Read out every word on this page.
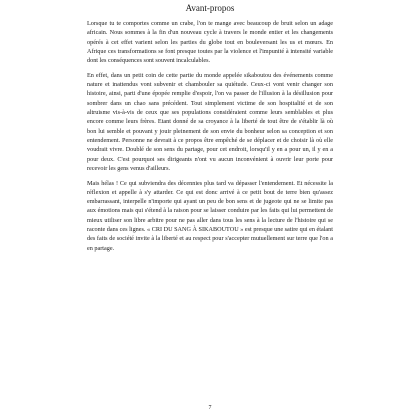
Avant-propos

Lorsque tu te comportes comme un crabe, l'on te mange avec beaucoup de bruit selon un adage africain. Nous sommes à la fin d'un nouveau cycle à travers le monde entier et les changements opérés à cet effet varient selon les parties du globe tout en bouleversant les us et mœurs. En Afrique ces transformations se font presque toutes par la violence et l'impunité à intensité variable dont les conséquences sont souvent incalculables.

En effet, dans un petit coin de cette partie du monde appelée sikaboutou des événements comme nature et inattendus vont subvenir et chambouler sa quiétude. Ceux-ci vont venir changer son histoire, ainsi, parti d'une épopée remplie d'espoir, l'on va passer de l'illusion à la désillusion pour sombrer dans un chao sans précédent. Tout simplement victime de son hospitalité et de son altruisme vis-à-vis de ceux que ses populations considéraient comme leurs semblables et plus encore comme leurs frères. Etant donné de sa croyance à la liberté de tout être de s'établir là où bon lui semble et pouvant y jouir pleinement de son envie du bonheur selon sa conception et son entendement. Personne ne devrait à ce propos être empêché de se déplacer et de choisir là où elle voudrait vivre. Doublé de son sens du partage, pour cet endroit, lorsqu'il y en a pour un, il y en a pour deux. C'est pourquoi ses dirigeants n'ont vu aucun inconvénient à ouvrir leur porte pour recevoir les gens venus d'ailleurs.

Mais hélas ! Ce qui subviendra des décennies plus tard va dépasser l'entendement. Et nécessite la réflexion et appelle à s'y attarder. Ce qui est donc arrivé à ce petit bout de terre bien qu'assez embarrassant, interpelle n'importe qui ayant un peu de bon sens et de jugeote qui ne se limite pas aux émotions mais qui s'étend à la raison pour se laisser conduire par les faits qui lui permettent de mieux utiliser son libre arbitre pour ne pas aller dans tous les sens à la lecture de l'histoire qui se raconte dans ces lignes. « CRI DU SANG À SIKABOUTOU » est presque une satire qui en étalant des faits de société invite à la liberté et au respect pour s'accepter mutuellement sur terre que l'on a en partage.

7
